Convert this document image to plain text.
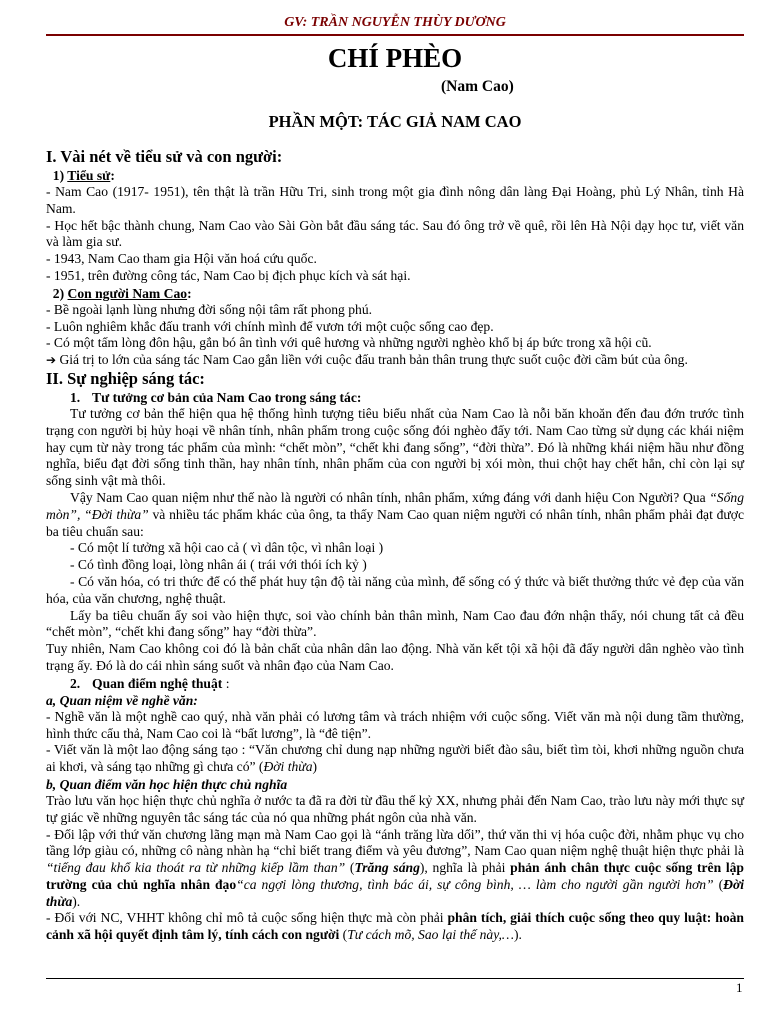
GV: TRẦN NGUYỄN THÙY DƯƠNG
CHÍ PHÈO
(Nam Cao)
PHẦN MỘT: TÁC GIẢ NAM CAO
I. Vài nét về tiểu sử và con người:
1) Tiểu sử:

- Nam Cao (1917- 1951), tên thật là trần Hữu Tri, sinh trong một gia đình nông dân làng Đại Hoàng, phủ Lý Nhân, tỉnh Hà Nam.

- Học hết bậc thành chung, Nam Cao vào Sài Gòn bắt đầu sáng tác. Sau đó ông trở về quê, rồi lên Hà Nội dạy học tư, viết văn và làm gia sư.

- 1943, Nam Cao tham gia Hội văn hoá cứu quốc.

- 1951, trên đường công tác, Nam Cao bị địch phục kích và sát hại.

2) Con người Nam Cao:

- Bề ngoài lạnh lùng nhưng đời sống nội tâm rất phong phú.

- Luôn nghiêm khắc đấu tranh với chính mình để vươn tới một cuộc sống cao đẹp.

- Có một tấm lòng đôn hậu, gắn bó ân tình với quê hương và những người nghèo khổ bị áp bức trong xã hội cũ.

➔ Giá trị to lớn của sáng tác Nam Cao gắn liền với cuộc đấu tranh bản thân trung thực suốt cuộc đời cầm bút của ông.

II. Sự nghiệp sáng tác:
1. Tư tưởng cơ bản của Nam Cao trong sáng tác:

Tư tưởng cơ bản thể hiện qua hệ thống hình tượng tiêu biểu nhất của Nam Cao là nỗi băn khoăn đến đau đớn trước tình trạng con người bị hủy hoại về nhân tính, nhân phẩm trong cuộc sống đói nghèo đấy tới. Nam Cao từng sử dụng các khái niệm hay cụm từ này trong tác phẩm của mình: “chết mòn”, “chết khi đang sống”, “đời thừa”. Đó là những khái niệm hầu như đồng nghĩa, biểu đạt đời sống tinh thần, hay nhân tính, nhân phẩm của con người bị xói mòn, thui chột hay chết hẳn, chỉ còn lại sự sống sinh vật mà thôi.

Vậy Nam Cao quan niệm như thế nào là người có nhân tính, nhân phẩm, xứng đáng với danh hiệu Con Người? Qua “Sống mòn”, “Đời thừa” và nhiều tác phẩm khác của ông, ta thấy Nam Cao quan niệm người có nhân tính, nhân phẩm phải đạt được ba tiêu chuẩn sau:

- Có một lí tưởng xã hội cao cả ( vì dân tộc, vì nhân loại )

- Có tình đồng loại, lòng nhân ái ( trái với thói ích kỷ )

- Có văn hóa, có tri thức để có thể phát huy tận độ tài năng của mình, để sống có ý thức và biết thưởng thức vẻ đẹp của văn hóa, của văn chương, nghệ thuật.

Lấy ba tiêu chuẩn ấy soi vào hiện thực, soi vào chính bản thân mình, Nam Cao đau đớn nhận thấy, nói chung tất cả đều “chết mòn”, “chết khi đang sống” hay “đời thừa”.

Tuy nhiên, Nam Cao không coi đó là bản chất của nhân dân lao động. Nhà văn kết tội xã hội đã đẩy người dân nghèo vào tình trạng ấy. Đó là do cái nhìn sáng suốt và nhân đạo của Nam Cao.

2. Quan điểm nghệ thuật :
a, Quan niệm về nghề văn:

- Nghề văn là một nghề cao quý, nhà văn phải có lương tâm và trách nhiệm với cuộc sống. Viết văn mà nội dung tầm thường, hình thức cẩu thả, Nam Cao coi là “bất lương”, là “đê tiện”.

- Viết văn là một lao động sáng tạo : “Văn chương chỉ dung nạp những người biết đào sâu, biết tìm tòi, khơi những nguồn chưa ai khơi, và sáng tạo những gì chưa có” (Đời thừa)

b, Quan điểm văn học hiện thực chủ nghĩa

Trào lưu văn học hiện thực chủ nghĩa ở nước ta đã ra đời từ đầu thế kỷ XX, nhưng phải đến Nam Cao, trào lưu này mới thực sự tự giác về những nguyên tắc sáng tác của nó qua những phát ngôn của nhà văn.

- Đối lập với thứ văn chương lãng mạn mà Nam Cao gọi là “ánh trăng lừa dối”, thứ văn thi vị hóa cuộc đời, nhằm phục vụ cho tầng lớp giàu có, những cô nàng nhàn hạ “chỉ biết trang điểm và yêu đương”, Nam Cao quan niệm nghệ thuật hiện thực phải là “tiếng đau khổ kia thoát ra từ những kiếp lầm than” (Trăng sáng), nghĩa là phải phản ánh chân thực cuộc sống trên lập trường của chủ nghĩa nhân đạo“ca ngợi lòng thương, tình bác ái, sự công bình, … làm cho người gần người hơn” (Đời thừa).

- Đối với NC, VHHT không chỉ mô tả cuộc sống hiện thực mà còn phải phân tích, giải thích cuộc sống theo quy luật: hoàn cảnh xã hội quyết định tâm lý, tính cách con người (Tư cách mõ, Sao lại thế này,…).

1
